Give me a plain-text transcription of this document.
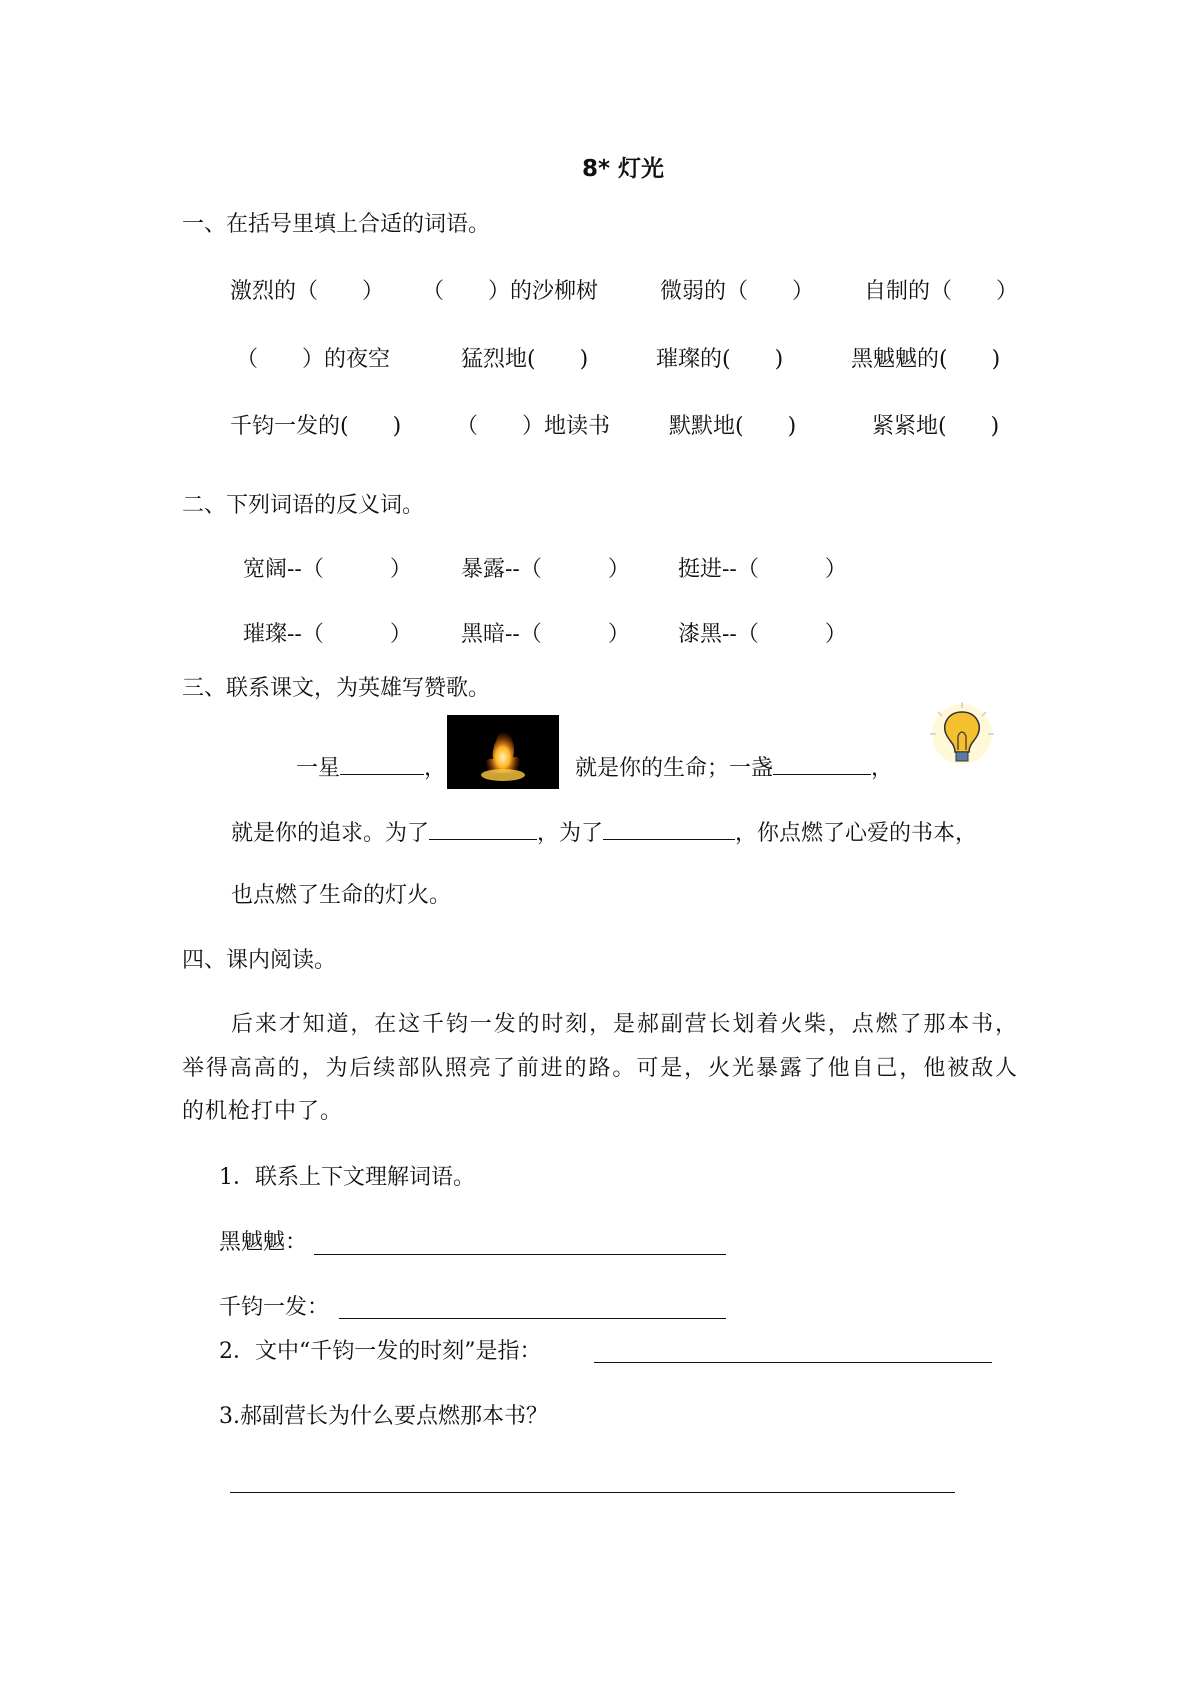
8* 灯光
一、在括号里填上合适的词语。
激烈的（　　） （　　）的沙柳树	微弱的（　　） 自制的（　　）
（　　）的夜空	猛烈地(　　)	璀璨的(　　)	黑魆魆的(　　)
千钧一发的(　　) （　　）地读书	默默地(　　)	紧紧地(　　)
二、下列词语的反义词。
宽阔--（　　　） 暴露--（　　　） 挺进--（　　　）
璀璨--（　　　） 黑暗--（　　　） 漆黑--（　　　）
三、联系课文，为英雄写赞歌。
一星	，	就是你的生命；一盏	，
就是你的追求。为了	，为了	，你点燃了心爱的书本，
也点燃了生命的灯火。
四、课内阅读。
后来才知道，在这千钧一发的时刻，是郝副营长划着火柴，点燃了那本书，
举得高高的，为后续部队照亮了前进的路。可是，火光暴露了他自己，他被敌人
的机枪打中了。
1．联系上下文理解词语。
黑魆魆：
千钧一发：
2．文中“千钧一发的时刻”是指：
3.郝副营长为什么要点燃那本书？
